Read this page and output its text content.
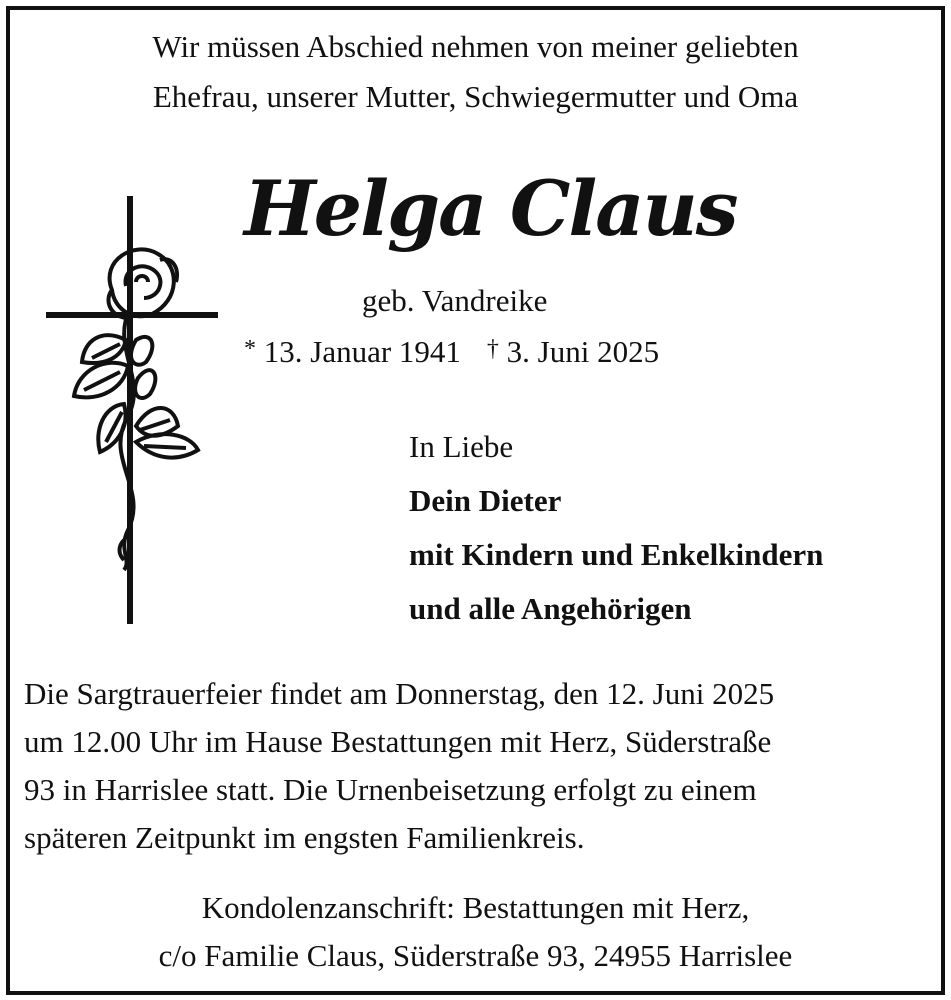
Wir müssen Abschied nehmen von meiner geliebten
Ehefrau, unserer Mutter, Schwiegermutter und Oma
Helga Claus
geb. Vandreike
* 13. Januar 1941 † 3. Juni 2025
In Liebe
Dein Dieter
mit Kindern und Enkelkindern
und alle Angehörigen
Die Sargtrauerfeier findet am Donnerstag, den 12. Juni 2025
um 12.00 Uhr im Hause Bestattungen mit Herz, Süderstraße
93 in Harrislee statt. Die Urnenbeisetzung erfolgt zu einem
späteren Zeitpunkt im engsten Familienkreis.
Kondolenzanschrift: Bestattungen mit Herz,
c/o Familie Claus, Süderstraße 93, 24955 Harrislee
